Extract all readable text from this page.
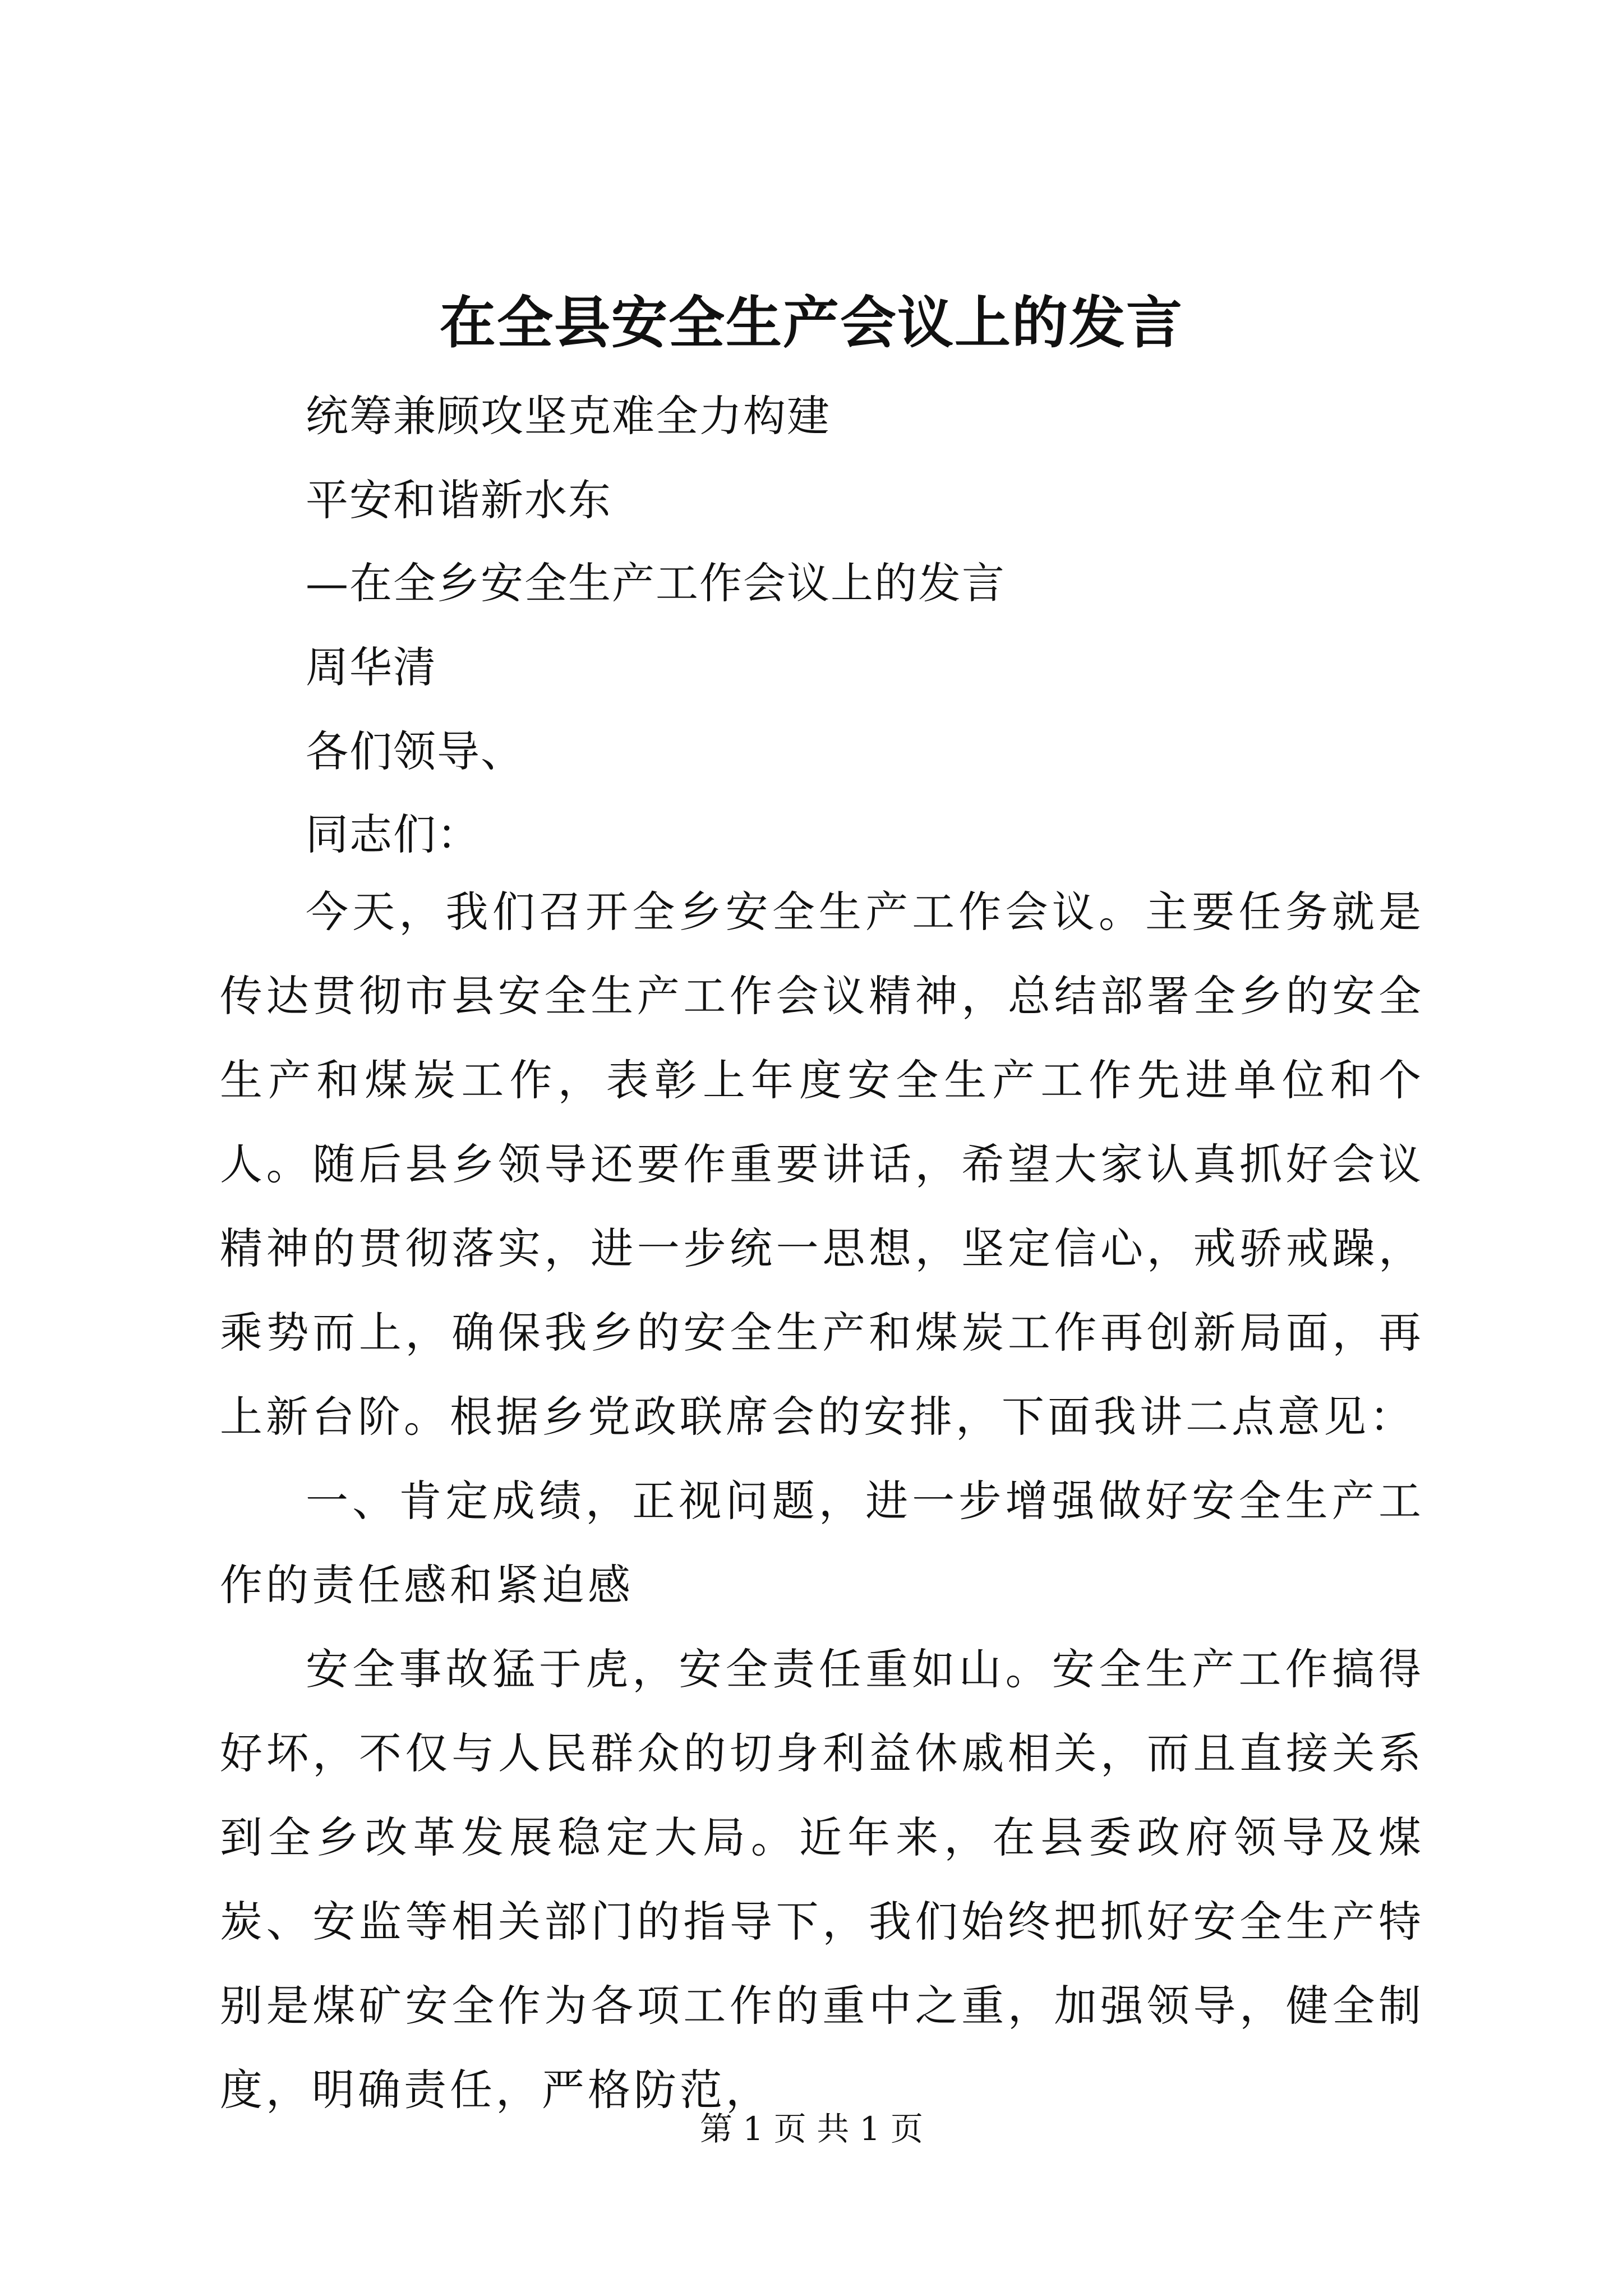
在全县安全生产会议上的发言
统筹兼顾攻坚克难全力构建
平安和谐新水东
—在全乡安全生产工作会议上的发言
周华清
各们领导、
同志们：

今天，我们召开全乡安全生产工作会议。主要任务就是传达贯彻市县安全生产工作会议精神，总结部署全乡的安全生产和煤炭工作，表彰上年度安全生产工作先进单位和个人。随后县乡领导还要作重要讲话，希望大家认真抓好会议精神的贯彻落实，进一步统一思想，坚定信心，戒骄戒躁，乘势而上，确保我乡的安全生产和煤炭工作再创新局面，再上新台阶。根据乡党政联席会的安排，下面我讲二点意见：

一、肯定成绩，正视问题，进一步增强做好安全生产工作的责任感和紧迫感

安全事故猛于虎，安全责任重如山。安全生产工作搞得好坏，不仅与人民群众的切身利益休戚相关，而且直接关系到全乡改革发展稳定大局。近年来，在县委政府领导及煤炭、安监等相关部门的指导下，我们始终把抓好安全生产特别是煤矿安全作为各项工作的重中之重，加强领导，健全制度，明确责任，严格防范，

第 1 页 共 1 页
